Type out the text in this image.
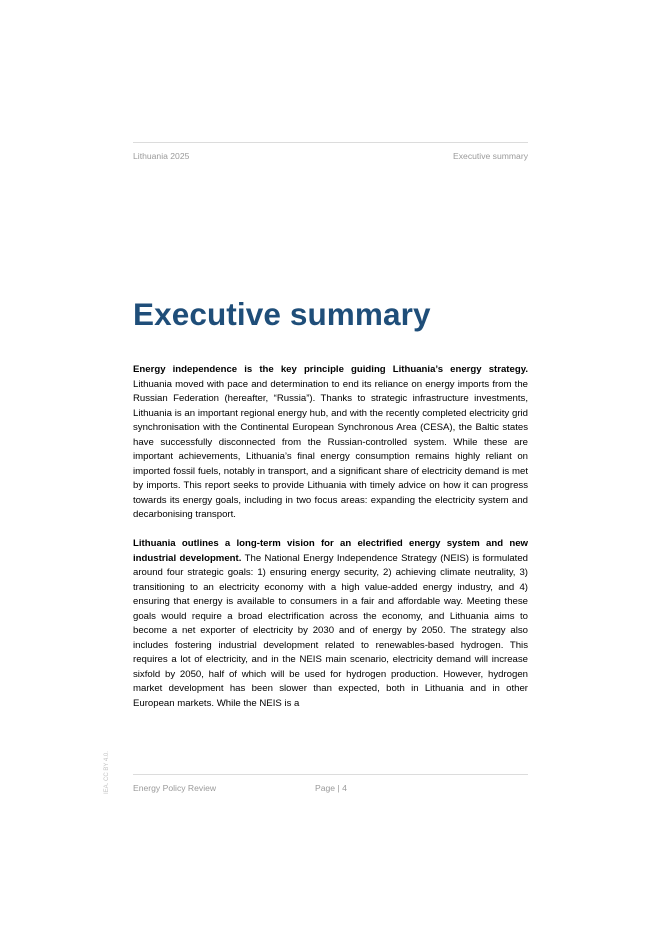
Lithuania 2025	Executive summary
Executive summary

Energy independence is the key principle guiding Lithuania’s energy strategy. Lithuania moved with pace and determination to end its reliance on energy imports from the Russian Federation (hereafter, “Russia”). Thanks to strategic infrastructure investments, Lithuania is an important regional energy hub, and with the recently completed electricity grid synchronisation with the Continental European Synchronous Area (CESA), the Baltic states have successfully disconnected from the Russian-controlled system. While these are important achievements, Lithuania’s final energy consumption remains highly reliant on imported fossil fuels, notably in transport, and a significant share of electricity demand is met by imports. This report seeks to provide Lithuania with timely advice on how it can progress towards its energy goals, including in two focus areas: expanding the electricity system and decarbonising transport.

Lithuania outlines a long-term vision for an electrified energy system and new industrial development. The National Energy Independence Strategy (NEIS) is formulated around four strategic goals: 1) ensuring energy security, 2) achieving climate neutrality, 3) transitioning to an electricity economy with a high value-added energy industry, and 4) ensuring that energy is available to consumers in a fair and affordable way. Meeting these goals would require a broad electrification across the economy, and Lithuania aims to become a net exporter of electricity by 2030 and of energy by 2050. The strategy also includes fostering industrial development related to renewables-based hydrogen. This requires a lot of electricity, and in the NEIS main scenario, electricity demand will increase sixfold by 2050, half of which will be used for hydrogen production. However, hydrogen market development has been slower than expected, both in Lithuania and in other European markets. While the NEIS is a

IEA. CC BY 4.0.	Energy Policy Review	Page | 4
